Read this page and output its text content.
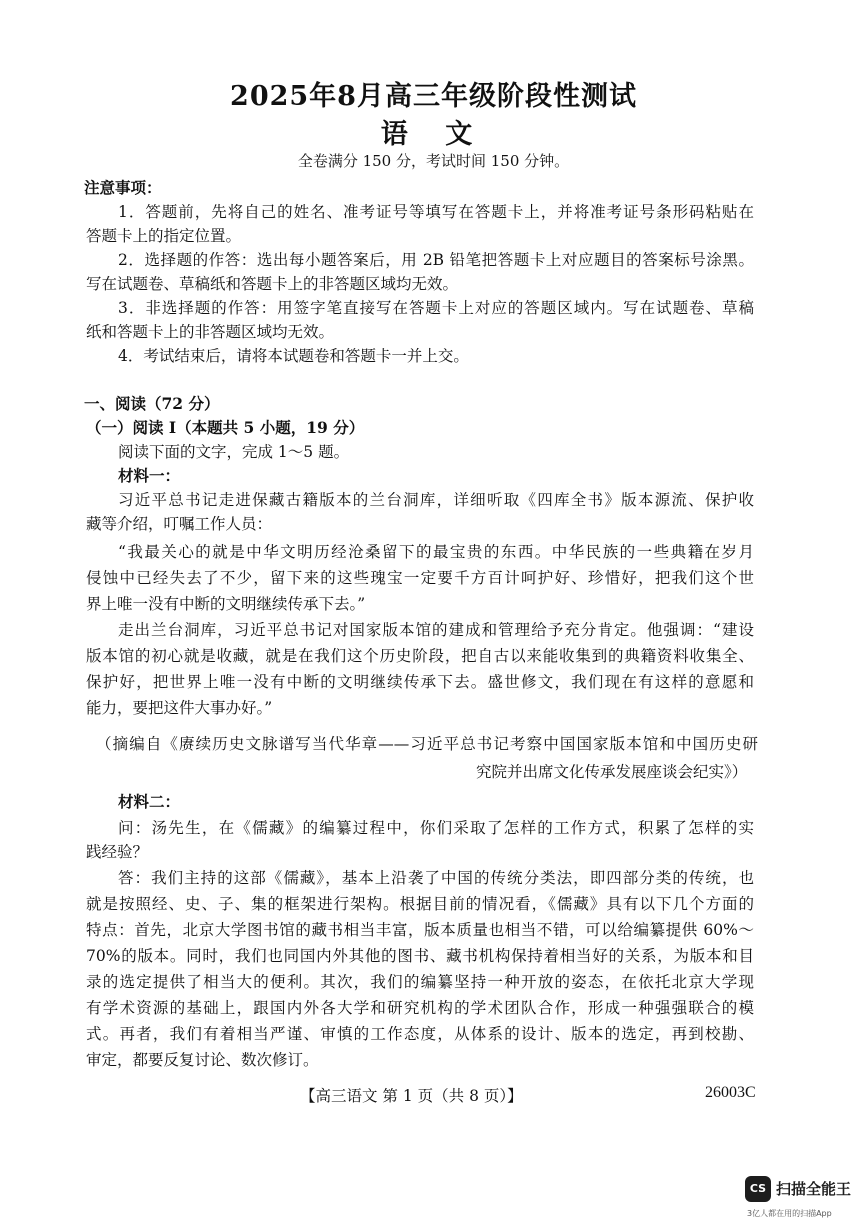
2025年8月高三年级阶段性测试
语 文
全卷满分 150 分，考试时间 150 分钟。
注意事项：
1．答题前，先将自己的姓名、准考证号等填写在答题卡上，并将准考证号条形码粘贴在
答题卡上的指定位置。
2．选择题的作答：选出每小题答案后，用 2B 铅笔把答题卡上对应题目的答案标号涂黑。
写在试题卷、草稿纸和答题卡上的非答题区域均无效。
3．非选择题的作答：用签字笔直接写在答题卡上对应的答题区域内。写在试题卷、草稿
纸和答题卡上的非答题区域均无效。
4．考试结束后，请将本试题卷和答题卡一并上交。
一、阅读（72 分）
（一）阅读 I（本题共 5 小题，19 分）
阅读下面的文字，完成 1～5 题。
材料一：
习近平总书记走进保藏古籍版本的兰台洞库，详细听取《四库全书》版本源流、保护收
藏等介绍，叮嘱工作人员：
“我最关心的就是中华文明历经沧桑留下的最宝贵的东西。中华民族的一些典籍在岁月
侵蚀中已经失去了不少，留下来的这些瑰宝一定要千方百计呵护好、珍惜好，把我们这个世
界上唯一没有中断的文明继续传承下去。”
走出兰台洞库，习近平总书记对国家版本馆的建成和管理给予充分肯定。他强调：“建设
版本馆的初心就是收藏，就是在我们这个历史阶段，把自古以来能收集到的典籍资料收集全、
保护好，把世界上唯一没有中断的文明继续传承下去。盛世修文，我们现在有这样的意愿和
能力，要把这件大事办好。”
（摘编自《赓续历史文脉谱写当代华章——习近平总书记考察中国国家版本馆和中国历史研
究院并出席文化传承发展座谈会纪实》）
材料二：
问：汤先生，在《儒藏》的编纂过程中，你们采取了怎样的工作方式，积累了怎样的实
践经验？
答：我们主持的这部《儒藏》，基本上沿袭了中国的传统分类法，即四部分类的传统，也
就是按照经、史、子、集的框架进行架构。根据目前的情况看，《儒藏》具有以下几个方面的
特点：首先，北京大学图书馆的藏书相当丰富，版本质量也相当不错，可以给编纂提供 60%～
70%的版本。同时，我们也同国内外其他的图书、藏书机构保持着相当好的关系，为版本和目
录的选定提供了相当大的便利。其次，我们的编纂坚持一种开放的姿态，在依托北京大学现
有学术资源的基础上，跟国内外各大学和研究机构的学术团队合作，形成一种强强联合的模
式。再者，我们有着相当严谨、审慎的工作态度，从体系的设计、版本的选定，再到校勘、
审定，都要反复讨论、数次修订。
【高三语文 第 1 页（共 8 页）】	26003C
CS 扫描全能王
3亿人都在用的扫描App
